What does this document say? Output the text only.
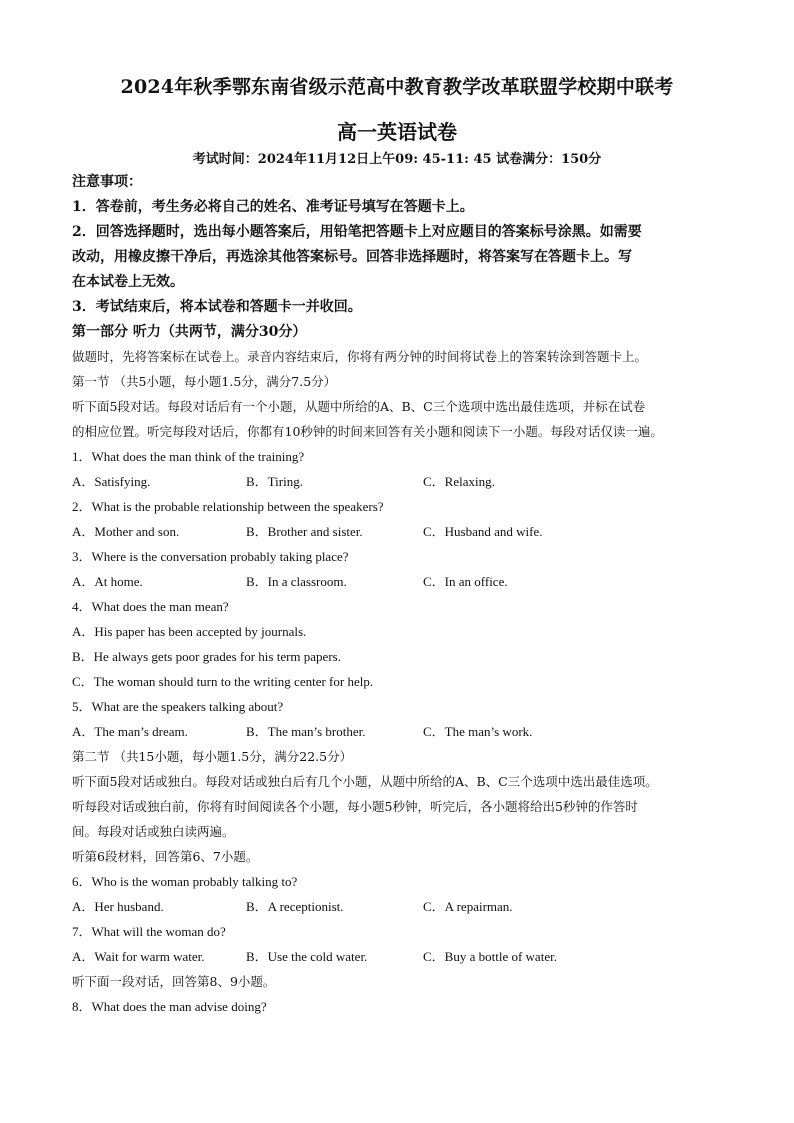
2024年秋季鄂东南省级示范高中教育教学改革联盟学校期中联考
高一英语试卷
考试时间：2024年11月12日上午09: 45-11: 45 试卷满分：150分
注意事项：
1．答卷前，考生务必将自己的姓名、准考证号填写在答题卡上。
2．回答选择题时，选出每小题答案后，用铅笔把答题卡上对应题目的答案标号涂黑。如需要
改动，用橡皮擦干净后，再选涂其他答案标号。回答非选择题时，将答案写在答题卡上。写
在本试卷上无效。
3．考试结束后，将本试卷和答题卡一并收回。
第一部分 听力（共两节，满分30分）
做题时，先将答案标在试卷上。录音内容结束后，你将有两分钟的时间将试卷上的答案转涂到答题卡上。
第一节 （共5小题，每小题1.5分，满分7.5分）
听下面5段对话。每段对话后有一个小题，从题中所给的A、B、C三个选项中选出最佳选项，并标在试卷
的相应位置。听完每段对话后，你都有10秒钟的时间来回答有关小题和阅读下一小题。每段对话仅读一遍。
1．What does the man think of the training?
A．Satisfying.	B．Tiring.	C．Relaxing.
2．What is the probable relationship between the speakers?
A．Mother and son.	B．Brother and sister.	C．Husband and wife.
3．Where is the conversation probably taking place?
A．At home.	B．In a classroom.	C．In an office.
4．What does the man mean?
A．His paper has been accepted by journals.
B．He always gets poor grades for his term papers.
C．The woman should turn to the writing center for help.
5．What are the speakers talking about?
A．The man’s dream.	B．The man’s brother.	C．The man’s work.
第二节 （共15小题，每小题1.5分，满分22.5分）
听下面5段对话或独白。每段对话或独白后有几个小题，从题中所给的A、B、C三个选项中选出最佳选项。
听每段对话或独白前，你将有时间阅读各个小题，每小题5秒钟，听完后，各小题将给出5秒钟的作答时
间。每段对话或独白读两遍。
听第6段材料，回答第6、7小题。
6．Who is the woman probably talking to?
A．Her husband.	B．A receptionist.	C．A repairman.
7．What will the woman do?
A．Wait for warm water.	B．Use the cold water.	C．Buy a bottle of water.
听下面一段对话，回答第8、9小题。
8．What does the man advise doing?
